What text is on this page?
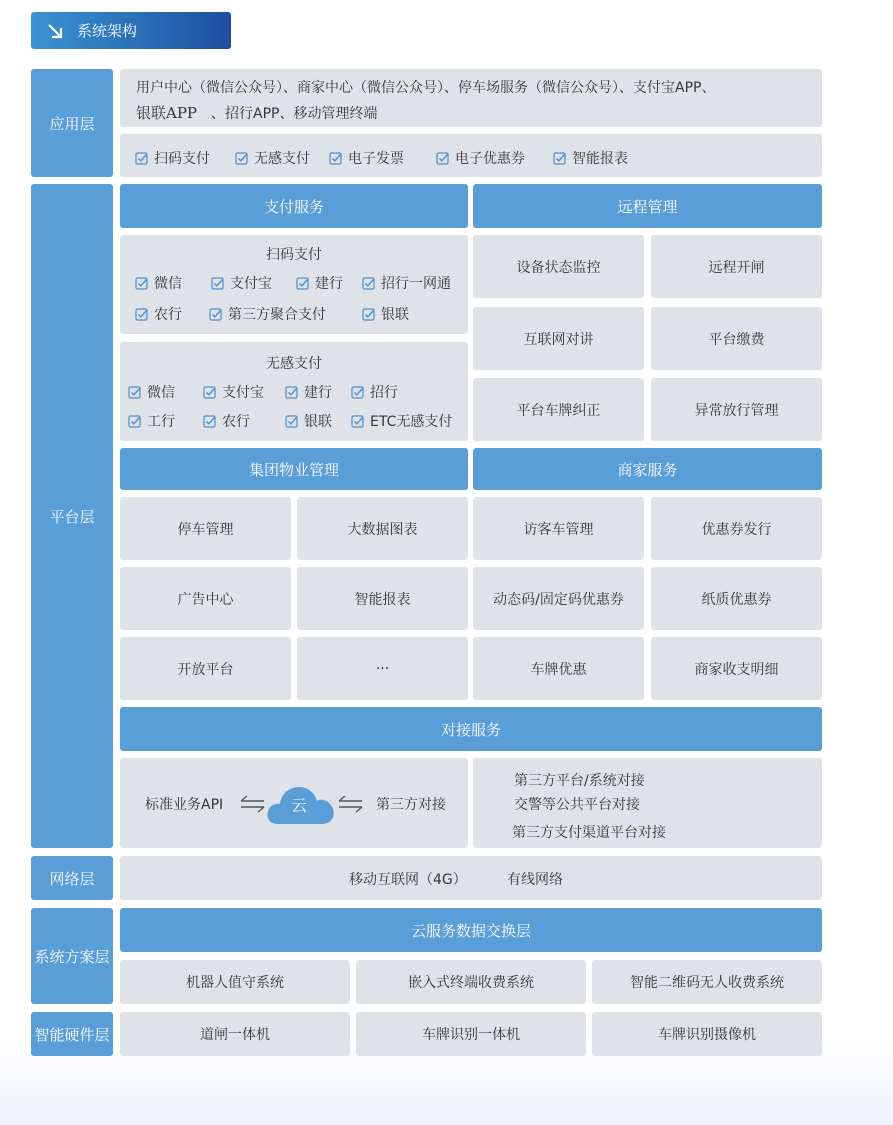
系统架构
应用层
平台层
网络层
系统方案层
智能硬件层
用户中心（微信公众号）、商家中心（微信公众号）、停车场服务（微信公众号）、支付宝APP、
银联APP 、招行APP、移动管理终端
扫码支付	无感支付	电子发票	电子优惠券	智能报表
支付服务
扫码支付
微信	支付宝	建行	招行一网通
农行	第三方聚合支付	银联
无感支付
微信	支付宝	建行	招行
工行	农行	银联	ETC无感支付
远程管理
设备状态监控	远程开闸
互联网对讲	平台缴费
平台车牌纠正	异常放行管理
集团物业管理
停车管理	大数据图表
广告中心	智能报表
开放平台	···
商家服务
访客车管理	优惠券发行
动态码/固定码优惠券	纸质优惠券
车牌优惠	商家收支明细
对接服务
标准业务API	云	第三方对接
第三方平台/系统对接
交警等公共平台对接
第三方支付渠道平台对接
移动互联网（4G）	有线网络
云服务数据交换层
机器人值守系统	嵌入式终端收费系统	智能二维码无人收费系统
道闸一体机	车牌识别一体机	车牌识别摄像机
